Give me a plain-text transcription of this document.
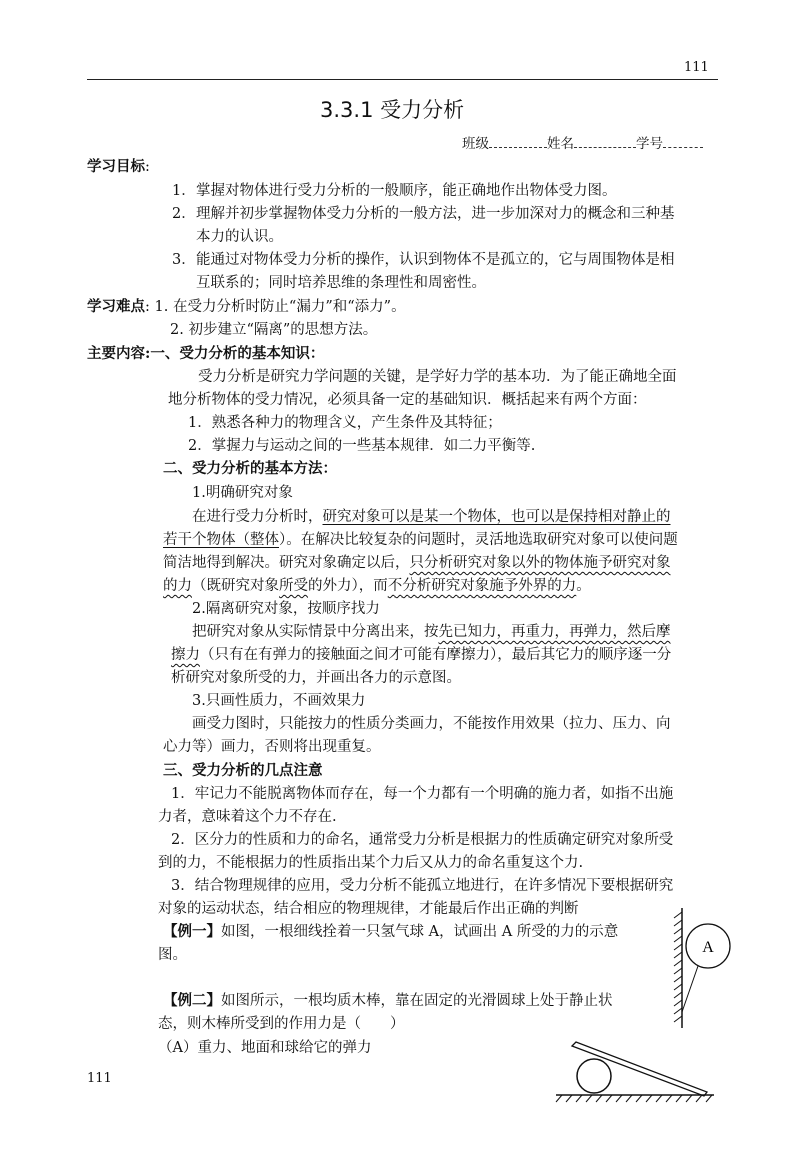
111
3.3.1 受力分析
班级	姓名	学号
学习目标:
1． 掌握对物体进行受力分析的一般顺序，能正确地作出物体受力图。
2． 理解并初步掌握物体受力分析的一般方法，进一步加深对力的概念和三种基
本力的认识。
3． 能通过对物体受力分析的操作，认识到物体不是孤立的，它与周围物体是相
互联系的；同时培养思维的条理性和周密性。
学习难点: 1. 在受力分析时防止“漏力”和“添力”。
2. 初步建立“隔离”的思想方法。
主要内容:一、受力分析的基本知识：
受力分析是研究力学问题的关键，是学好力学的基本功．为了能正确地全面
地分析物体的受力情况，必须具备一定的基础知识．概括起来有两个方面：
1．熟悉各种力的物理含义，产生条件及其特征；
2．掌握力与运动之间的一些基本规律．如二力平衡等.
二、受力分析的基本方法：
1.明确研究对象
在进行受力分析时，研究对象可以是某一个物体，也可以是保持相对静止的
若干个物体（整体）。在解决比较复杂的问题时，灵活地选取研究对象可以使问题
简洁地得到解决。研究对象确定以后，只分析研究对象以外的物体施予研究对象
的力（既研究对象所受的外力），而不分析研究对象施予外界的力。
2.隔离研究对象，按顺序找力
把研究对象从实际情景中分离出来，按先已知力，再重力，再弹力，然后摩
擦力（只有在有弹力的接触面之间才可能有摩擦力），最后其它力的顺序逐一分
析研究对象所受的力，并画出各力的示意图。
3.只画性质力，不画效果力
画受力图时，只能按力的性质分类画力，不能按作用效果（拉力、压力、向
心力等）画力，否则将出现重复。
三、受力分析的几点注意
1．牢记力不能脱离物体而存在，每一个力都有一个明确的施力者，如指不出施
力者，意味着这个力不存在.
2．区分力的性质和力的命名，通常受力分析是根据力的性质确定研究对象所受
到的力，不能根据力的性质指出某个力后又从力的命名重复这个力.
3．结合物理规律的应用，受力分析不能孤立地进行，在许多情况下要根据研究
对象的运动状态，结合相应的物理规律，才能最后作出正确的判断
【例一】如图，一根细线拴着一只氢气球 A，试画出 A 所受的力的示意
图。
【例二】如图所示，一根均质木棒，靠在固定的光滑圆球上处于静止状
态，则木棒所受到的作用力是（　　）
（A）重力、地面和球给它的弹力
111
A
